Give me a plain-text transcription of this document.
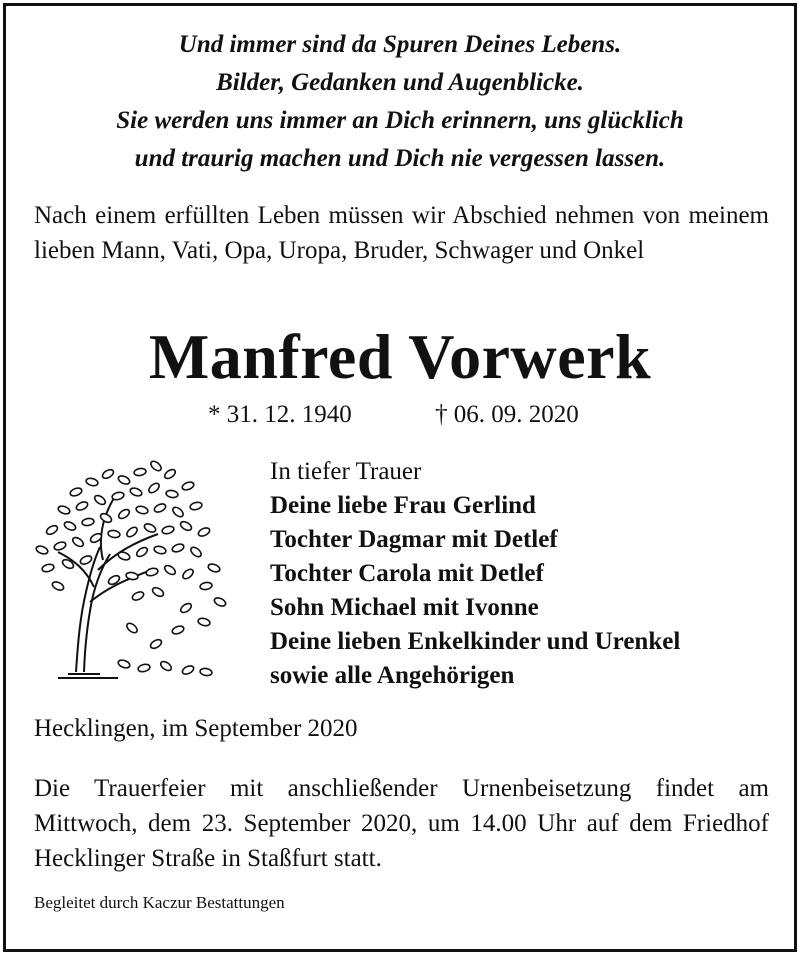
Und immer sind da Spuren Deines Lebens.
Bilder, Gedanken und Augenblicke.
Sie werden uns immer an Dich erinnern, uns glücklich
und traurig machen und Dich nie vergessen lassen.
Nach einem erfüllten Leben müssen wir Abschied nehmen von meinem lieben Mann, Vati, Opa, Uropa, Bruder, Schwager und Onkel
Manfred Vorwerk
* 31. 12. 1940	† 06. 09. 2020
In tiefer Trauer
Deine liebe Frau Gerlind
Tochter Dagmar mit Detlef
Tochter Carola mit Detlef
Sohn Michael mit Ivonne
Deine lieben Enkelkinder und Urenkel
sowie alle Angehörigen
Hecklingen, im September 2020
Die Trauerfeier mit anschließender Urnenbeisetzung findet am Mittwoch, dem 23. September 2020, um 14.00 Uhr auf dem Friedhof Hecklinger Straße in Staßfurt statt.
Begleitet durch Kaczur Bestattungen
